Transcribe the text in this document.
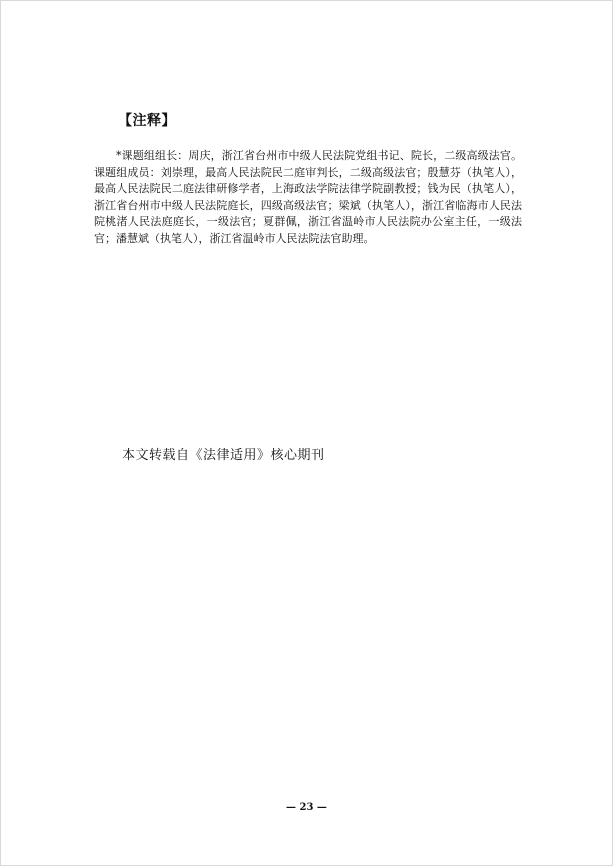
【注释】
*课题组组长：周庆，浙江省台州市中级人民法院党组书记、院长，二级高级法官。课题组成员：刘崇理，最高人民法院民二庭审判长，二级高级法官；殷慧芬（执笔人），最高人民法院民二庭法律研修学者，上海政法学院法律学院副教授；钱为民（执笔人），浙江省台州市中级人民法院庭长，四级高级法官；梁斌（执笔人），浙江省临海市人民法院桃渚人民法庭庭长，一级法官；夏群佩，浙江省温岭市人民法院办公室主任，一级法官；潘慧斌（执笔人），浙江省温岭市人民法院法官助理。
本文转载自《法律适用》核心期刊
— 23 —
